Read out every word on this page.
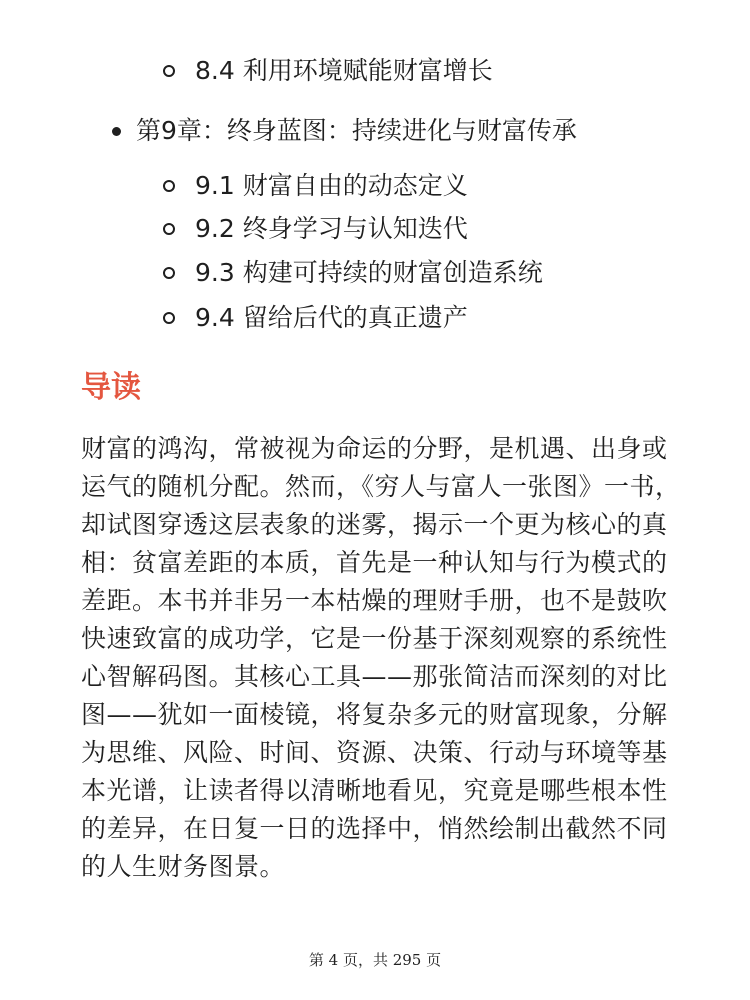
8.4 利用环境赋能财富增长
第9章：终身蓝图：持续进化与财富传承
9.1 财富自由的动态定义
9.2 终身学习与认知迭代
9.3 构建可持续的财富创造系统
9.4 留给后代的真正遗产
导读

财富的鸿沟，常被视为命运的分野，是机遇、出身或运气的随机分配。然而，《穷人与富人一张图》一书，却试图穿透这层表象的迷雾，揭示一个更为核心的真相：贫富差距的本质，首先是一种认知与行为模式的差距。本书并非另一本枯燥的理财手册，也不是鼓吹快速致富的成功学，它是一份基于深刻观察的系统性心智解码图。其核心工具——那张简洁而深刻的对比图——犹如一面棱镜，将复杂多元的财富现象，分解为思维、风险、时间、资源、决策、行动与环境等基本光谱，让读者得以清晰地看见，究竟是哪些根本性的差异，在日复一日的选择中，悄然绘制出截然不同的人生财务图景。

第 4 页，共 295 页
